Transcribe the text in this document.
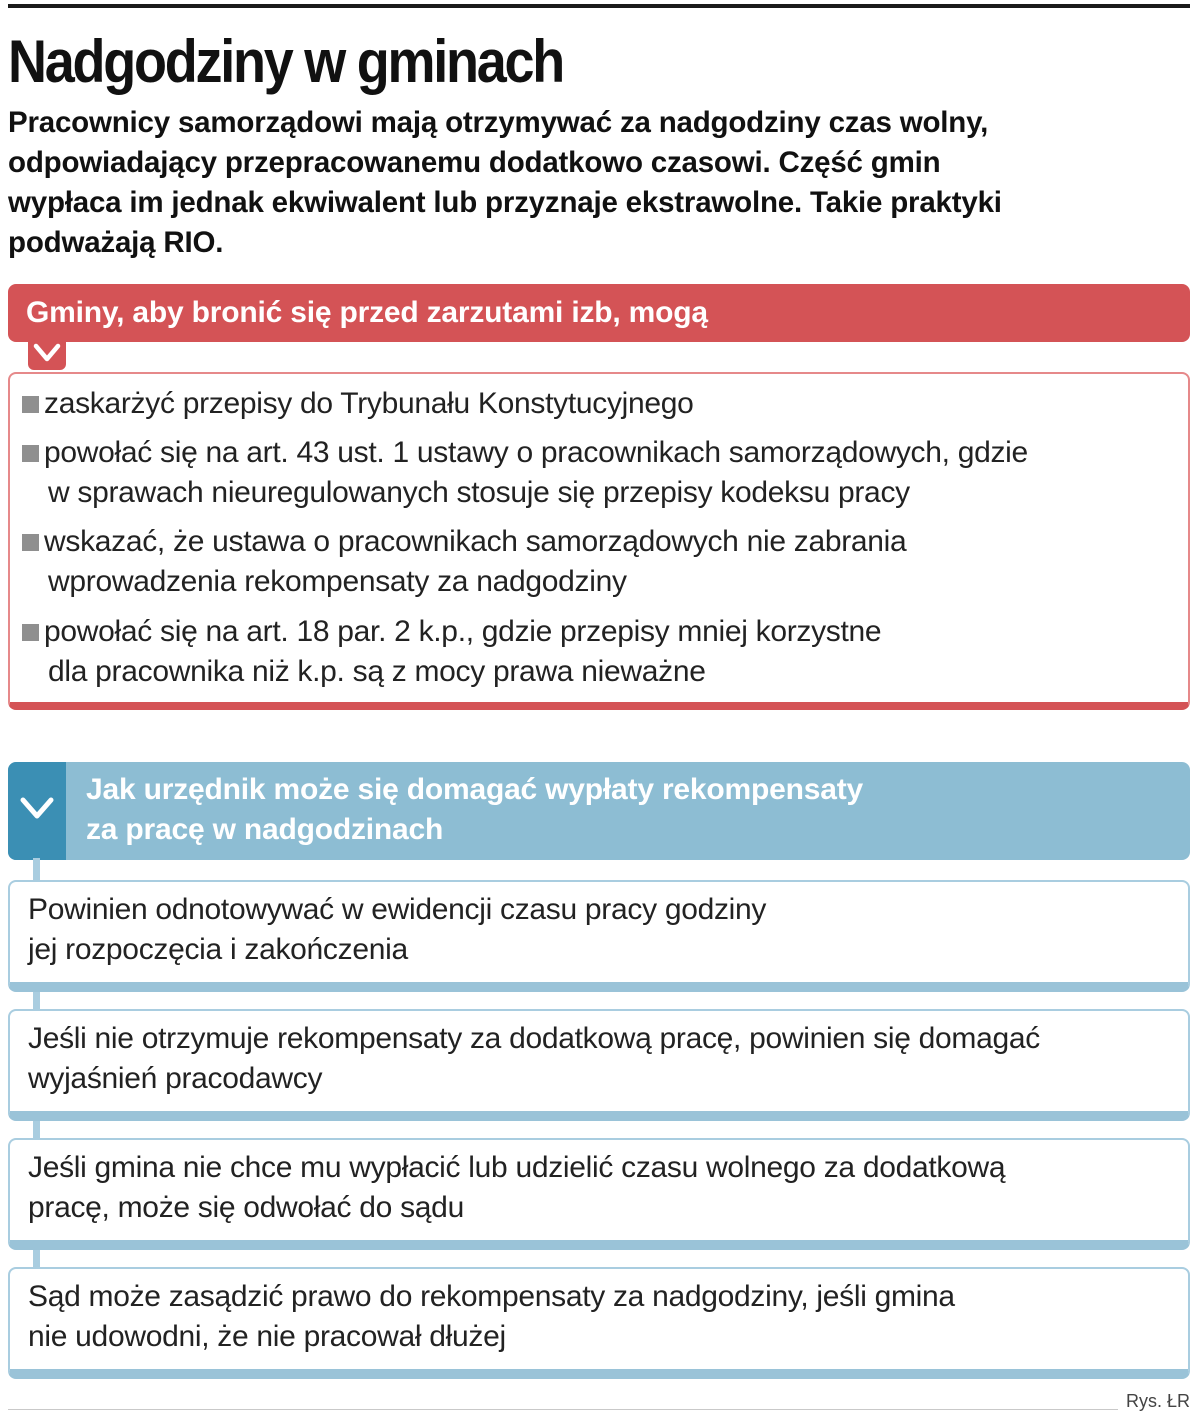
Nadgodziny w gminach
Pracownicy samorządowi mają otrzymywać za nadgodziny czas wolny,
odpowiadający przepracowanemu dodatkowo czasowi. Część gmin
wypłaca im jednak ekwiwalent lub przyznaje ekstrawolne. Takie praktyki
podważają RIO.
Gminy, aby bronić się przed zarzutami izb, mogą
zaskarżyć przepisy do Trybunału Konstytucyjnego
powołać się na art. 43 ust. 1 ustawy o pracownikach samorządowych, gdzie
w sprawach nieuregulowanych stosuje się przepisy kodeksu pracy
wskazać, że ustawa o pracownikach samorządowych nie zabrania
wprowadzenia rekompensaty za nadgodziny
powołać się na art. 18 par. 2 k.p., gdzie przepisy mniej korzystne
dla pracownika niż k.p. są z mocy prawa nieważne
Jak urzędnik może się domagać wypłaty rekompensaty
za pracę w nadgodzinach
Powinien odnotowywać w ewidencji czasu pracy godziny
jej rozpoczęcia i zakończenia
Jeśli nie otrzymuje rekompensaty za dodatkową pracę, powinien się domagać
wyjaśnień pracodawcy
Jeśli gmina nie chce mu wypłacić lub udzielić czasu wolnego za dodatkową
pracę, może się odwołać do sądu
Sąd może zasądzić prawo do rekompensaty za nadgodziny, jeśli gmina
nie udowodni, że nie pracował dłużej
Rys. ŁR
